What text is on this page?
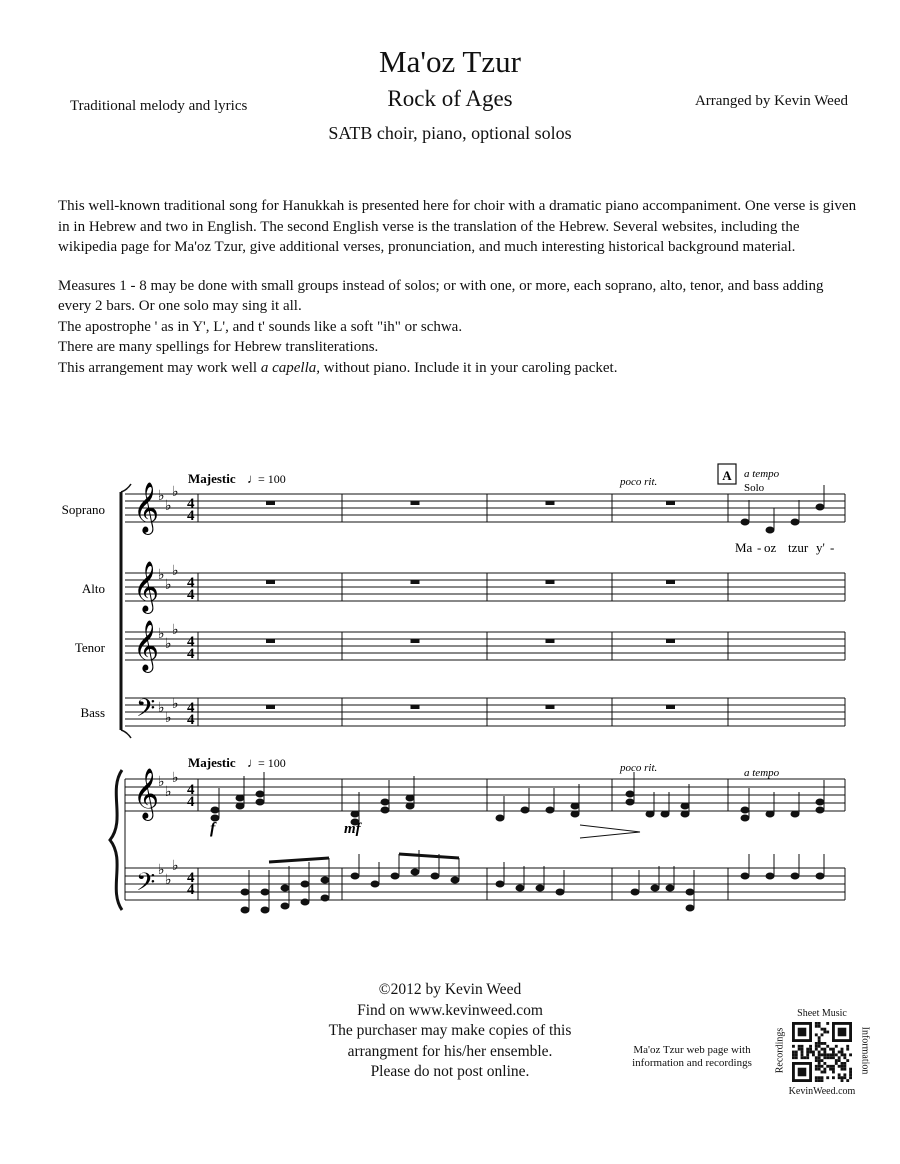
Ma'oz Tzur
Rock of Ages
SATB choir, piano, optional solos
Traditional melody and lyrics	Arranged by Kevin Weed

This well-known traditional song for Hanukkah is presented here for choir with a dramatic piano accompaniment. One verse is given in in Hebrew and two in English. The second English verse is the translation of the Hebrew. Several websites, including the wikipedia page for Ma'oz Tzur, give additional verses, pronunciation, and much interesting historical background material.

Measures 1 - 8 may be done with small groups instead of solos; or with one, or more, each soprano, alto, tenor, and bass adding every 2 bars. Or one solo may sing it all.

The apostrophe ' as in Y', L', and t' sounds like a soft "ih" or schwa.

There are many spellings for Hebrew transliterations.

This arrangement may work well a capella, without piano. Include it in your caroling packet.

Soprano
Alto
Tenor
Bass
Majestic ♩
= 100	poco rit.	A a tempo
Solo
𝄞
𝄞
𝄞
𝄢
𝄞
𝄢
♭
♭
♭
♭
♭
♭
♭
♭
♭
♭
♭
♭
♭
♭
♭
♭
♭
♭
4
4
4
4
4
4
4
4
4
4
4
4
Ma - oz tzur y' -
Majestic ♩
= 100	poco rit.	a tempo
f	mf

©2012 by Kevin Weed

Find on www.kevinweed.com

The purchaser may make copies of this

arrangment for his/her ensemble.

Please do not post online.

Ma'oz Tzur web page with
information and recordings
Sheet Music
Recordings	Information
KevinWeed.com
